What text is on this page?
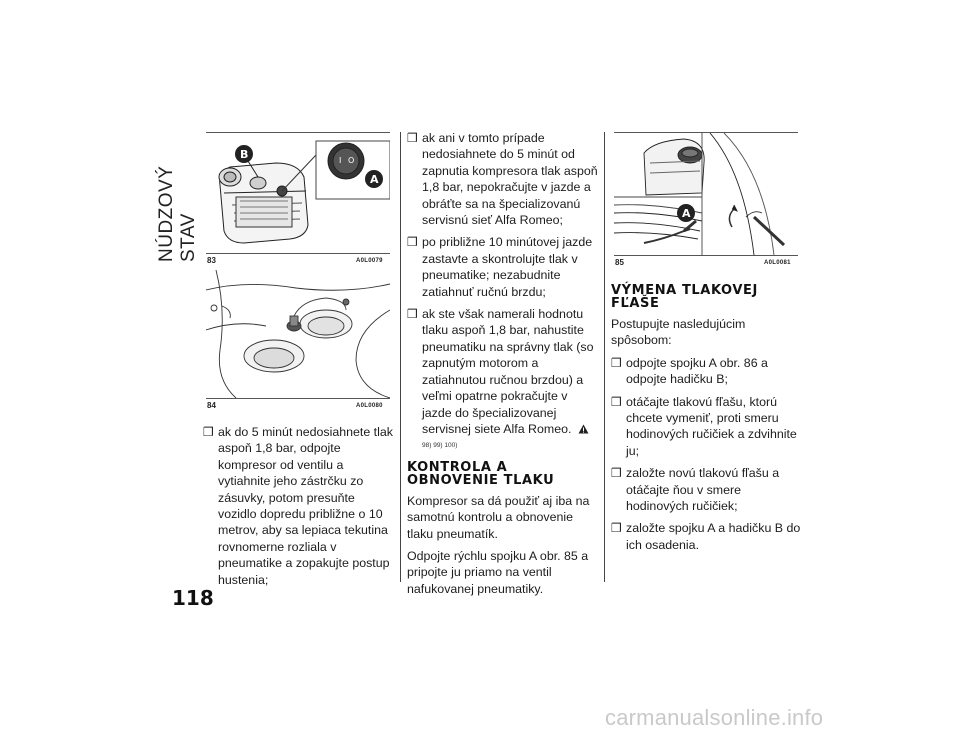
NÚDZOVÝ STAV
118
I O
B
A
83	A0L0079
84	A0L0080
❒ ak do 5 minút nedosiahnete tlak aspoň 1,8 bar, odpojte kompresor od ventilu a vytiahnite jeho zástrčku zo zásuvky, potom presuňte vozidlo dopredu približne o 10 metrov, aby sa lepiaca tekutina rovnomerne rozliala v pneumatike a zopakujte postup hustenia;
❒ ak ani v tomto prípade nedosiahnete do 5 minút od zapnutia kompresora tlak aspoň 1,8 bar, nepokračujte v jazde a obráťte sa na špecializovanú servisnú sieť Alfa Romeo;
❒ po približne 10 minútovej jazde zastavte a skontrolujte tlak v pneumatike; nezabudnite zatiahnuť ručnú brzdu;
❒ ak ste však namerali hodnotu tlaku aspoň 1,8 bar, nahustite pneumatiku na správny tlak (so zapnutým motorom a zatiahnutou ručnou brzdou) a veľmi opatrne pokračujte v jazde do špecializovanej servisnej siete Alfa Romeo.  98) 99) 100)
KONTROLA A OBNOVENIE TLAKU

Kompresor sa dá použiť aj iba na samotnú kontrolu a obnovenie tlaku pneumatík.

Odpojte rýchlu spojku A obr. 85 a pripojte ju priamo na ventil nafukovanej pneumatiky.

A
85	A0L0081
VÝMENA TLAKOVEJ FĽAŠE

Postupujte nasledujúcim spôsobom:

❒ odpojte spojku A obr. 86 a odpojte hadičku B;
❒ otáčajte tlakovú fľašu, ktorú chcete vymeniť, proti smeru hodinových ručičiek a zdvihnite ju;
❒ založte novú tlakovú fľašu a otáčajte ňou v smere hodinových ručičiek;
❒ založte spojku A a hadičku B do ich osadenia.
carmanualsonline.info
